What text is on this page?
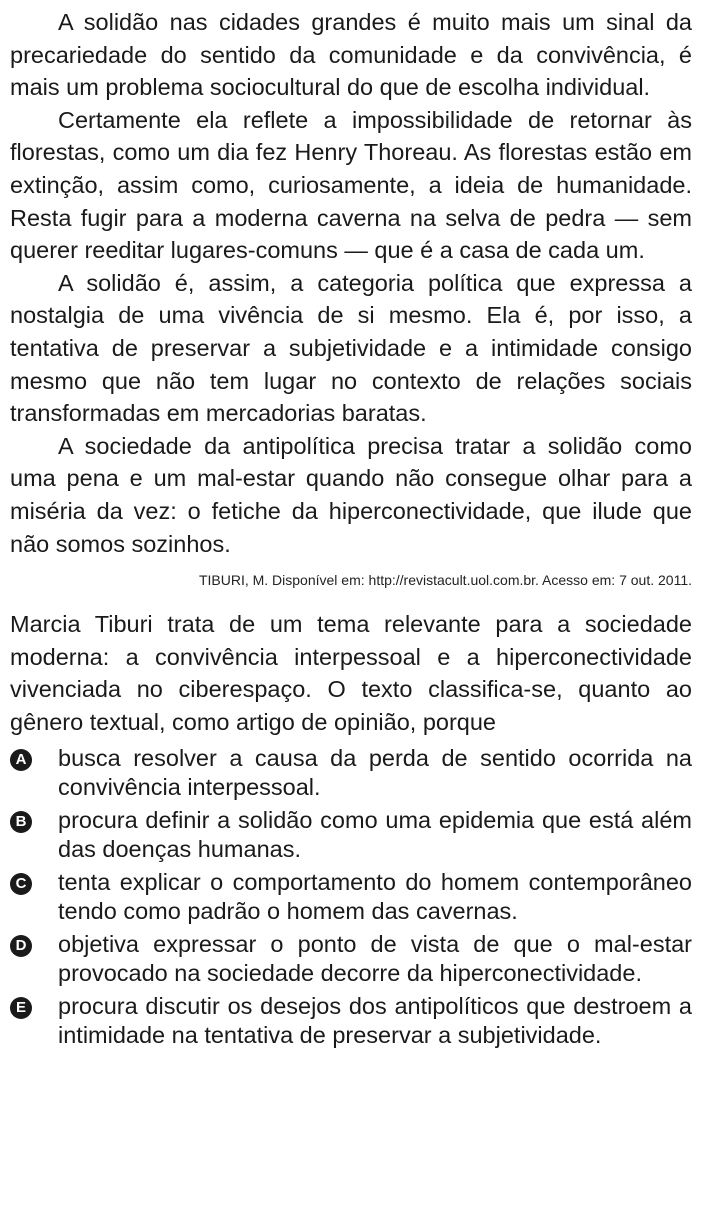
A solidão nas cidades grandes é muito mais um sinal da precariedade do sentido da comunidade e da convivência, é mais um problema sociocultural do que de escolha individual.

Certamente ela reflete a impossibilidade de retornar às florestas, como um dia fez Henry Thoreau. As florestas estão em extinção, assim como, curiosamente, a ideia de humanidade. Resta fugir para a moderna caverna na selva de pedra — sem querer reeditar lugares-comuns — que é a casa de cada um.

A solidão é, assim, a categoria política que expressa a nostalgia de uma vivência de si mesmo. Ela é, por isso, a tentativa de preservar a subjetividade e a intimidade consigo mesmo que não tem lugar no contexto de relações sociais transformadas em mercadorias baratas.

A sociedade da antipolítica precisa tratar a solidão como uma pena e um mal-estar quando não consegue olhar para a miséria da vez: o fetiche da hiperconectividade, que ilude que não somos sozinhos.

TIBURI, M. Disponível em: http://revistacult.uol.com.br. Acesso em: 7 out. 2011.

Marcia Tiburi trata de um tema relevante para a sociedade moderna: a convivência interpessoal e a hiperconectividade vivenciada no ciberespaço. O texto classifica-se, quanto ao gênero textual, como artigo de opinião, porque

A busca resolver a causa da perda de sentido ocorrida na convivência interpessoal.
B procura definir a solidão como uma epidemia que está além das doenças humanas.
C tenta explicar o comportamento do homem contemporâneo tendo como padrão o homem das cavernas.
D objetiva expressar o ponto de vista de que o mal-estar provocado na sociedade decorre da hiperconectividade.
E procura discutir os desejos dos antipolíticos que destroem a intimidade na tentativa de preservar a subjetividade.
